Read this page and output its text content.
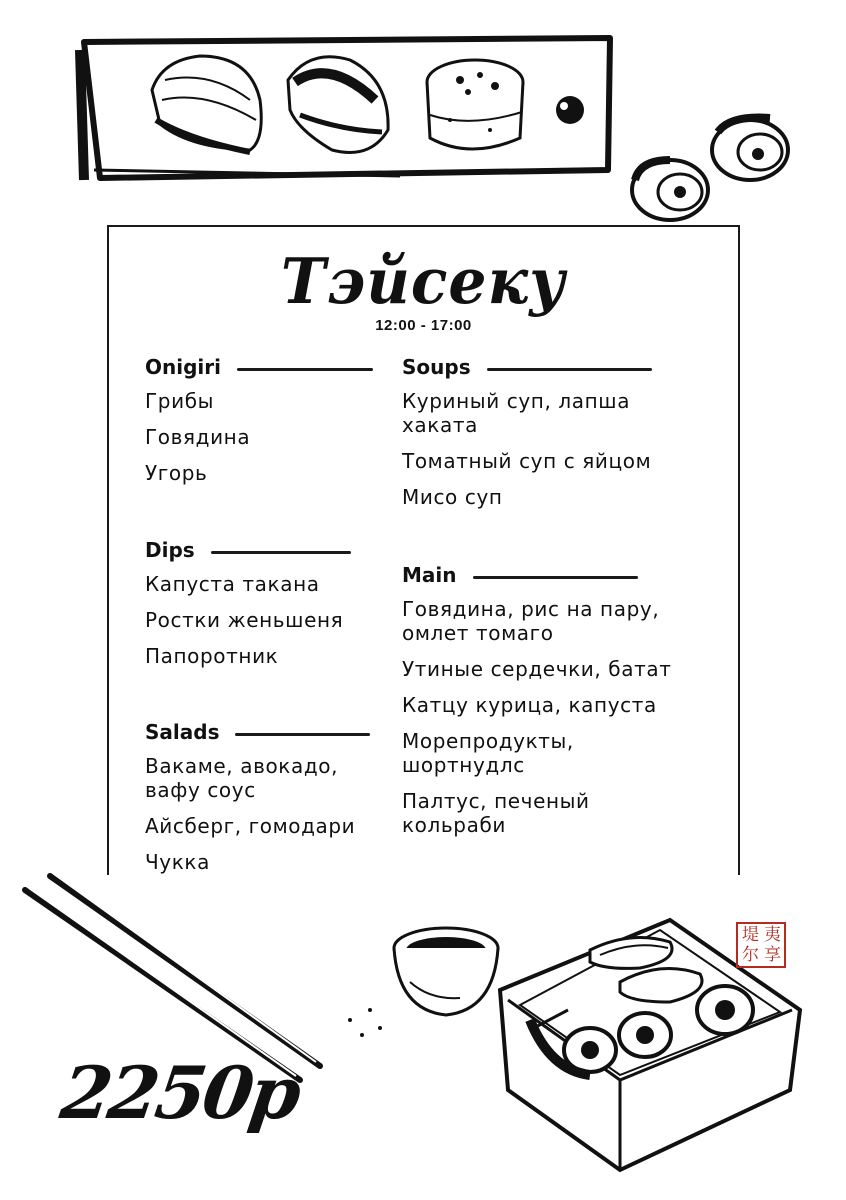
Тэйсеку
12:00 - 17:00
Onigiri
Грибы
Говядина
Угорь
Dips
Капуста такана
Ростки женьшеня
Папоротник
Salads
Вакаме, авокадо,
вафу соус
Айсберг, гомодари
Чукка
Soups
Куриный суп, лапша
хаката
Томатный суп с яйцом
Мисо суп
Main
Говядина, рис на пару,
омлет томаго
Утиные сердечки, батат
Катцу курица, капуста
Морепродукты,
шортнудлс
Палтус, печеный
кольраби
夷
堤
享
尔
2250р
